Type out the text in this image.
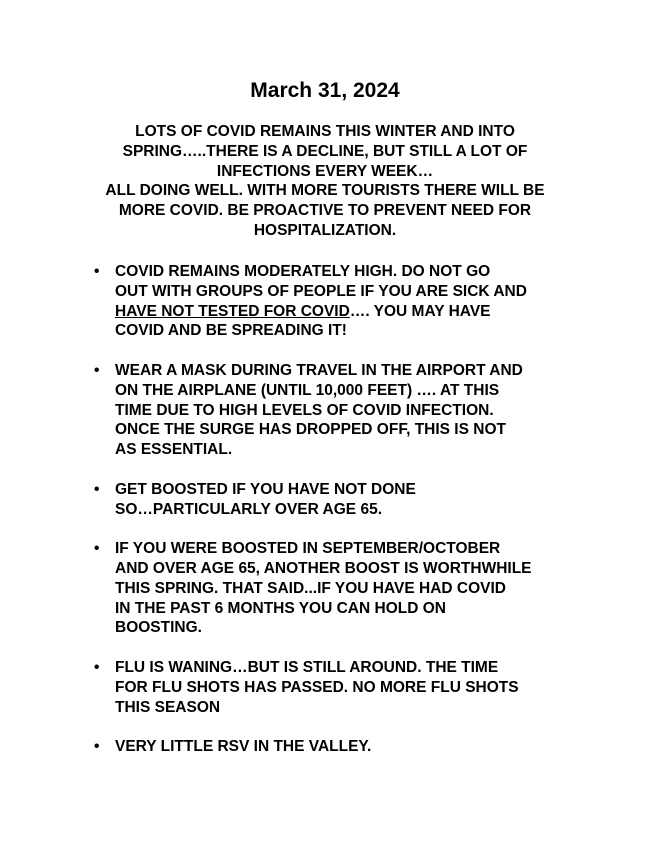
March 31, 2024
LOTS OF COVID REMAINS THIS WINTER AND INTO
SPRING…..THERE IS A DECLINE, BUT STILL A LOT OF
INFECTIONS EVERY WEEK…
ALL DOING WELL. WITH MORE TOURISTS THERE WILL BE
MORE COVID. BE PROACTIVE TO PREVENT NEED FOR
HOSPITALIZATION.
• COVID REMAINS MODERATELY HIGH. DO NOT GO
OUT WITH GROUPS OF PEOPLE IF YOU ARE SICK AND
HAVE NOT TESTED FOR COVID…. YOU MAY HAVE
COVID AND BE SPREADING IT!
• WEAR A MASK DURING TRAVEL IN THE AIRPORT AND
ON THE AIRPLANE (UNTIL 10,000 FEET) …. AT THIS
TIME DUE TO HIGH LEVELS OF COVID INFECTION.
ONCE THE SURGE HAS DROPPED OFF, THIS IS NOT
AS ESSENTIAL.
• GET BOOSTED IF YOU HAVE NOT DONE
SO…PARTICULARLY OVER AGE 65.
• IF YOU WERE BOOSTED IN SEPTEMBER/OCTOBER
AND OVER AGE 65, ANOTHER BOOST IS WORTHWHILE
THIS SPRING. THAT SAID...IF YOU HAVE HAD COVID
IN THE PAST 6 MONTHS YOU CAN HOLD ON
BOOSTING.
• FLU IS WANING…BUT IS STILL AROUND. THE TIME
FOR FLU SHOTS HAS PASSED. NO MORE FLU SHOTS
THIS SEASON
• VERY LITTLE RSV IN THE VALLEY.
